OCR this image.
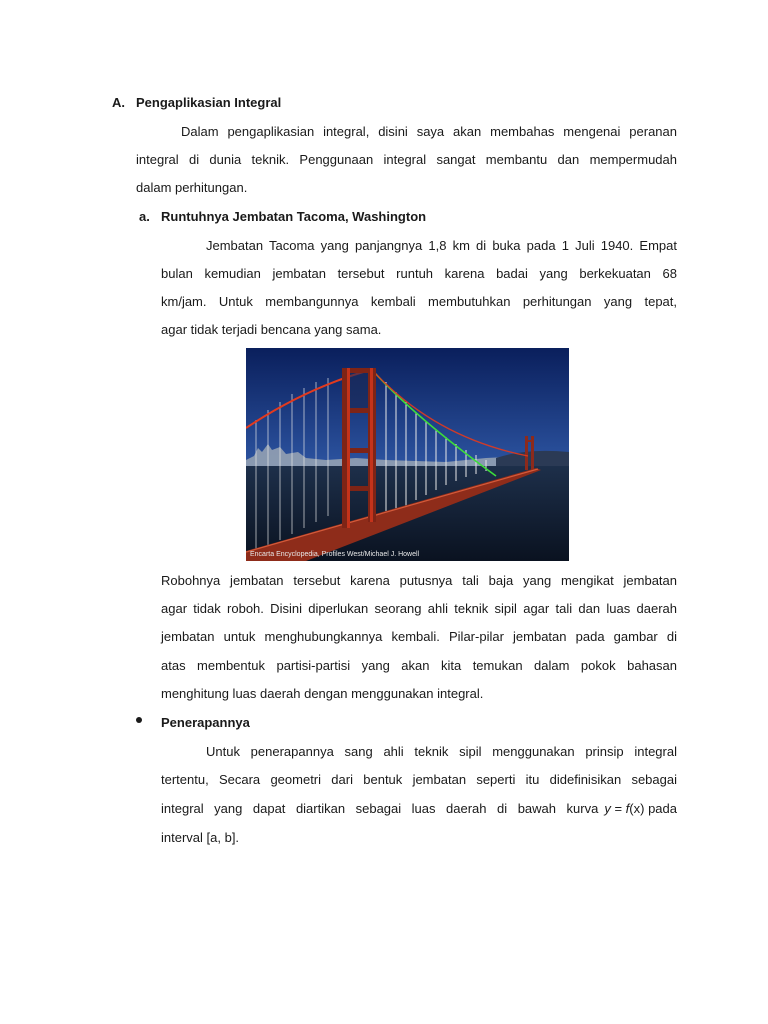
A. Pengaplikasian Integral
Dalam pengaplikasian integral, disini saya akan membahas mengenai peranan
integral di dunia teknik. Penggunaan integral sangat membantu dan mempermudah
dalam perhitungan.
a. Runtuhnya Jembatan Tacoma, Washington
Jembatan Tacoma yang panjangnya 1,8 km di buka pada 1 Juli 1940. Empat
bulan kemudian jembatan tersebut runtuh karena badai yang berkekuatan 68
km/jam. Untuk membangunnya kembali membutuhkan perhitungan yang tepat,
agar tidak terjadi bencana yang sama.
Encarta Encyclopedia, Profiles West/Michael J. Howell
Robohnya jembatan tersebut karena putusnya tali baja yang mengikat jembatan
agar tidak roboh. Disini diperlukan seorang ahli teknik sipil agar tali dan luas daerah
jembatan untuk menghubungkannya kembali. Pilar-pilar jembatan pada gambar di
atas membentuk partisi-partisi yang akan kita temukan dalam pokok bahasan
menghitung luas daerah dengan menggunakan integral.
Penerapannya
Untuk penerapannya sang ahli teknik sipil menggunakan prinsip integral
tertentu, Secara geometri dari bentuk jembatan seperti itu didefinisikan sebagai
integral yang dapat diartikan sebagai luas daerah di bawah kurva y = f(x) pada
interval [a, b].
